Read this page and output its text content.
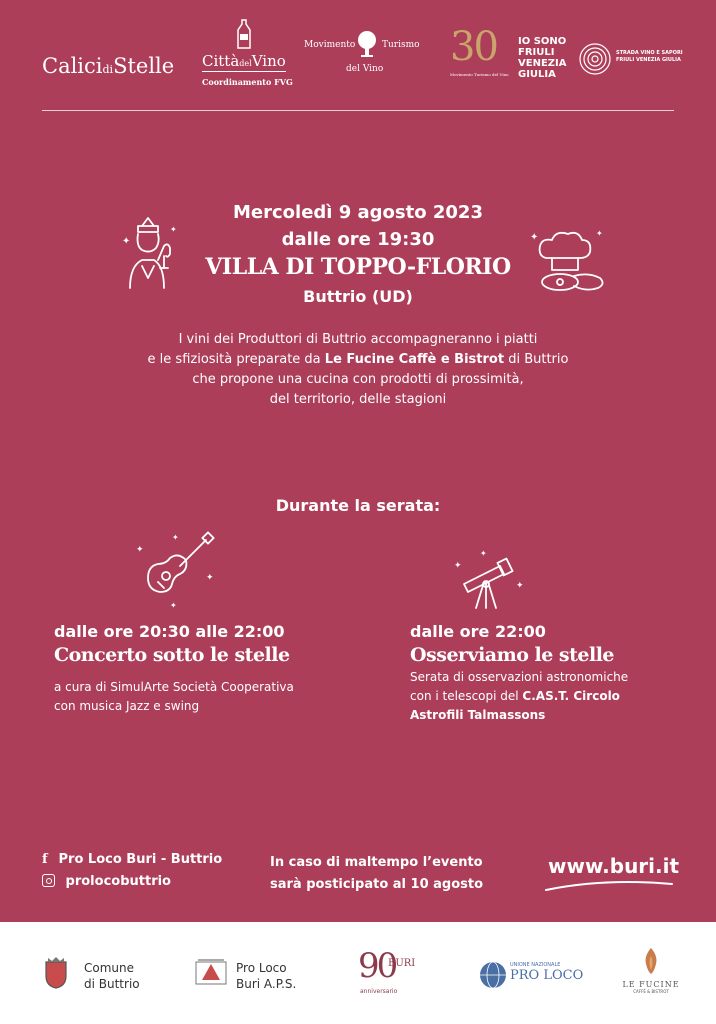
CalicidiStelle CittàdelVino
Coordinamento FVG
Movimento	Turismo
del Vino 30
Movimento Turismo del Vino
IO SONO
FRIULI
VENEZIA
GIULIA
STRADA VINO E SAPORI
FRIULI VENEZIA GIULIA
✦
✦
✦	✦
Mercoledì 9 agosto 2023
dalle ore 19:30
VILLA DI TOPPO-FLORIO
Buttrio (UD)

I vini dei Produttori di Buttrio accompagneranno i piatti

e le sfiziosità preparate da Le Fucine Caffè e Bistrot di Buttrio

che propone una cucina con prodotti di prossimità,

del territorio, delle stagioni

Durante la serata:
✦
✦
✦
✦
✦
✦
✦
dalle ore 20:30 alle 22:00
Concerto sotto le stelle
a cura di SimulArte Società Cooperativa
con musica Jazz e swing
dalle ore 22:00
Osserviamo le stelle
Serata di osservazioni astronomiche
con i telescopi del C.AS.T. Circolo
Astrofili Talmassons
f Pro Loco Buri - Buttrio
prolocobuttrio
In caso di maltempo l’evento
sarà posticipato al 10 agosto
www.buri.it
Comune
di Buttrio
Pro Loco
Buri A.P.S. 90
BURI
anniversario
UNIONE NAZIONALE
PRO LOCO
LE FUCINE
CAFFÈ & BISTROT
